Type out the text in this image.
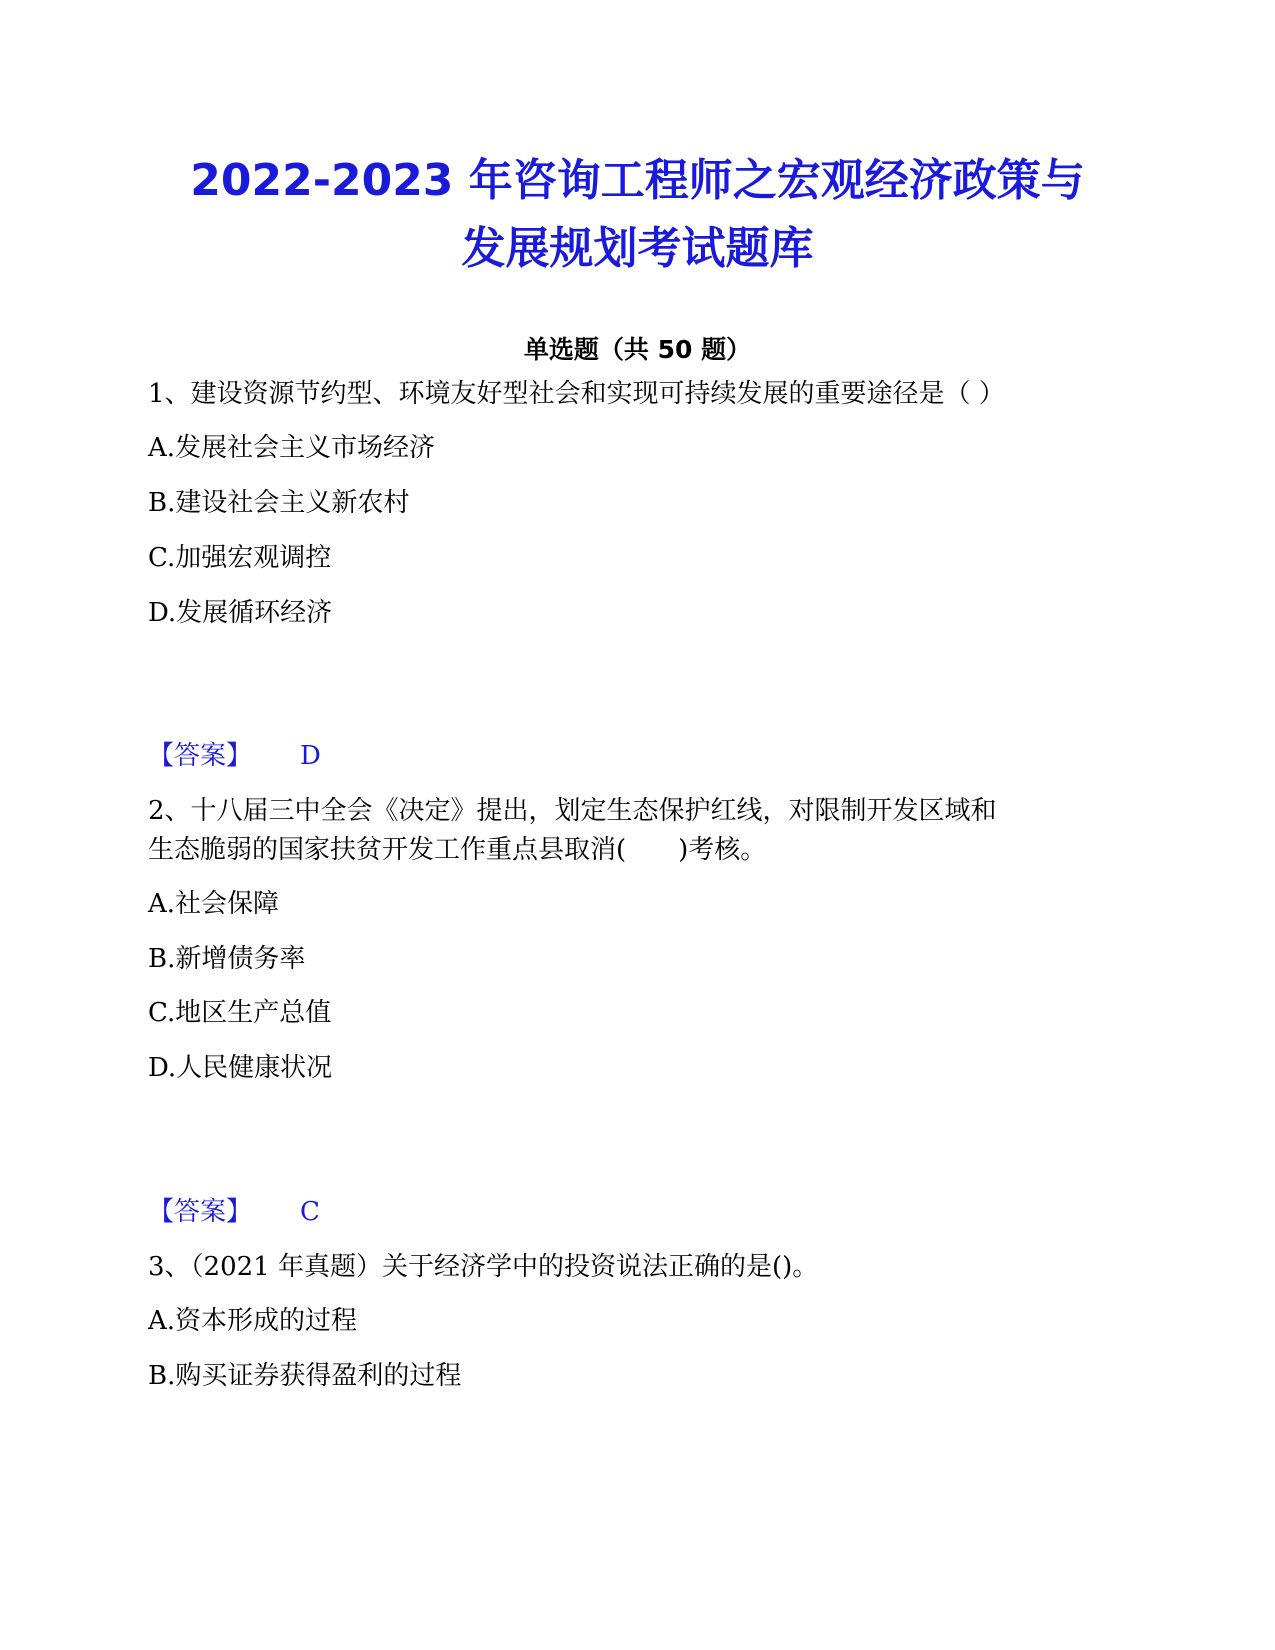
2022-2023 年咨询工程师之宏观经济政策与
发展规划考试题库
单选题（共 50 题）

1、建设资源节约型、环境友好型社会和实现可持续发展的重要途径是（ ）

A.发展社会主义市场经济

B.建设社会主义新农村

C.加强宏观调控

D.发展循环经济

【答案】 D

2、十八届三中全会《决定》提出，划定生态保护红线，对限制开发区域和

生态脆弱的国家扶贫开发工作重点县取消(　　)考核。

A.社会保障

B.新增债务率

C.地区生产总值

D.人民健康状况

【答案】 C

3、（2021 年真题）关于经济学中的投资说法正确的是()。

A.资本形成的过程

B.购买证券获得盈利的过程
